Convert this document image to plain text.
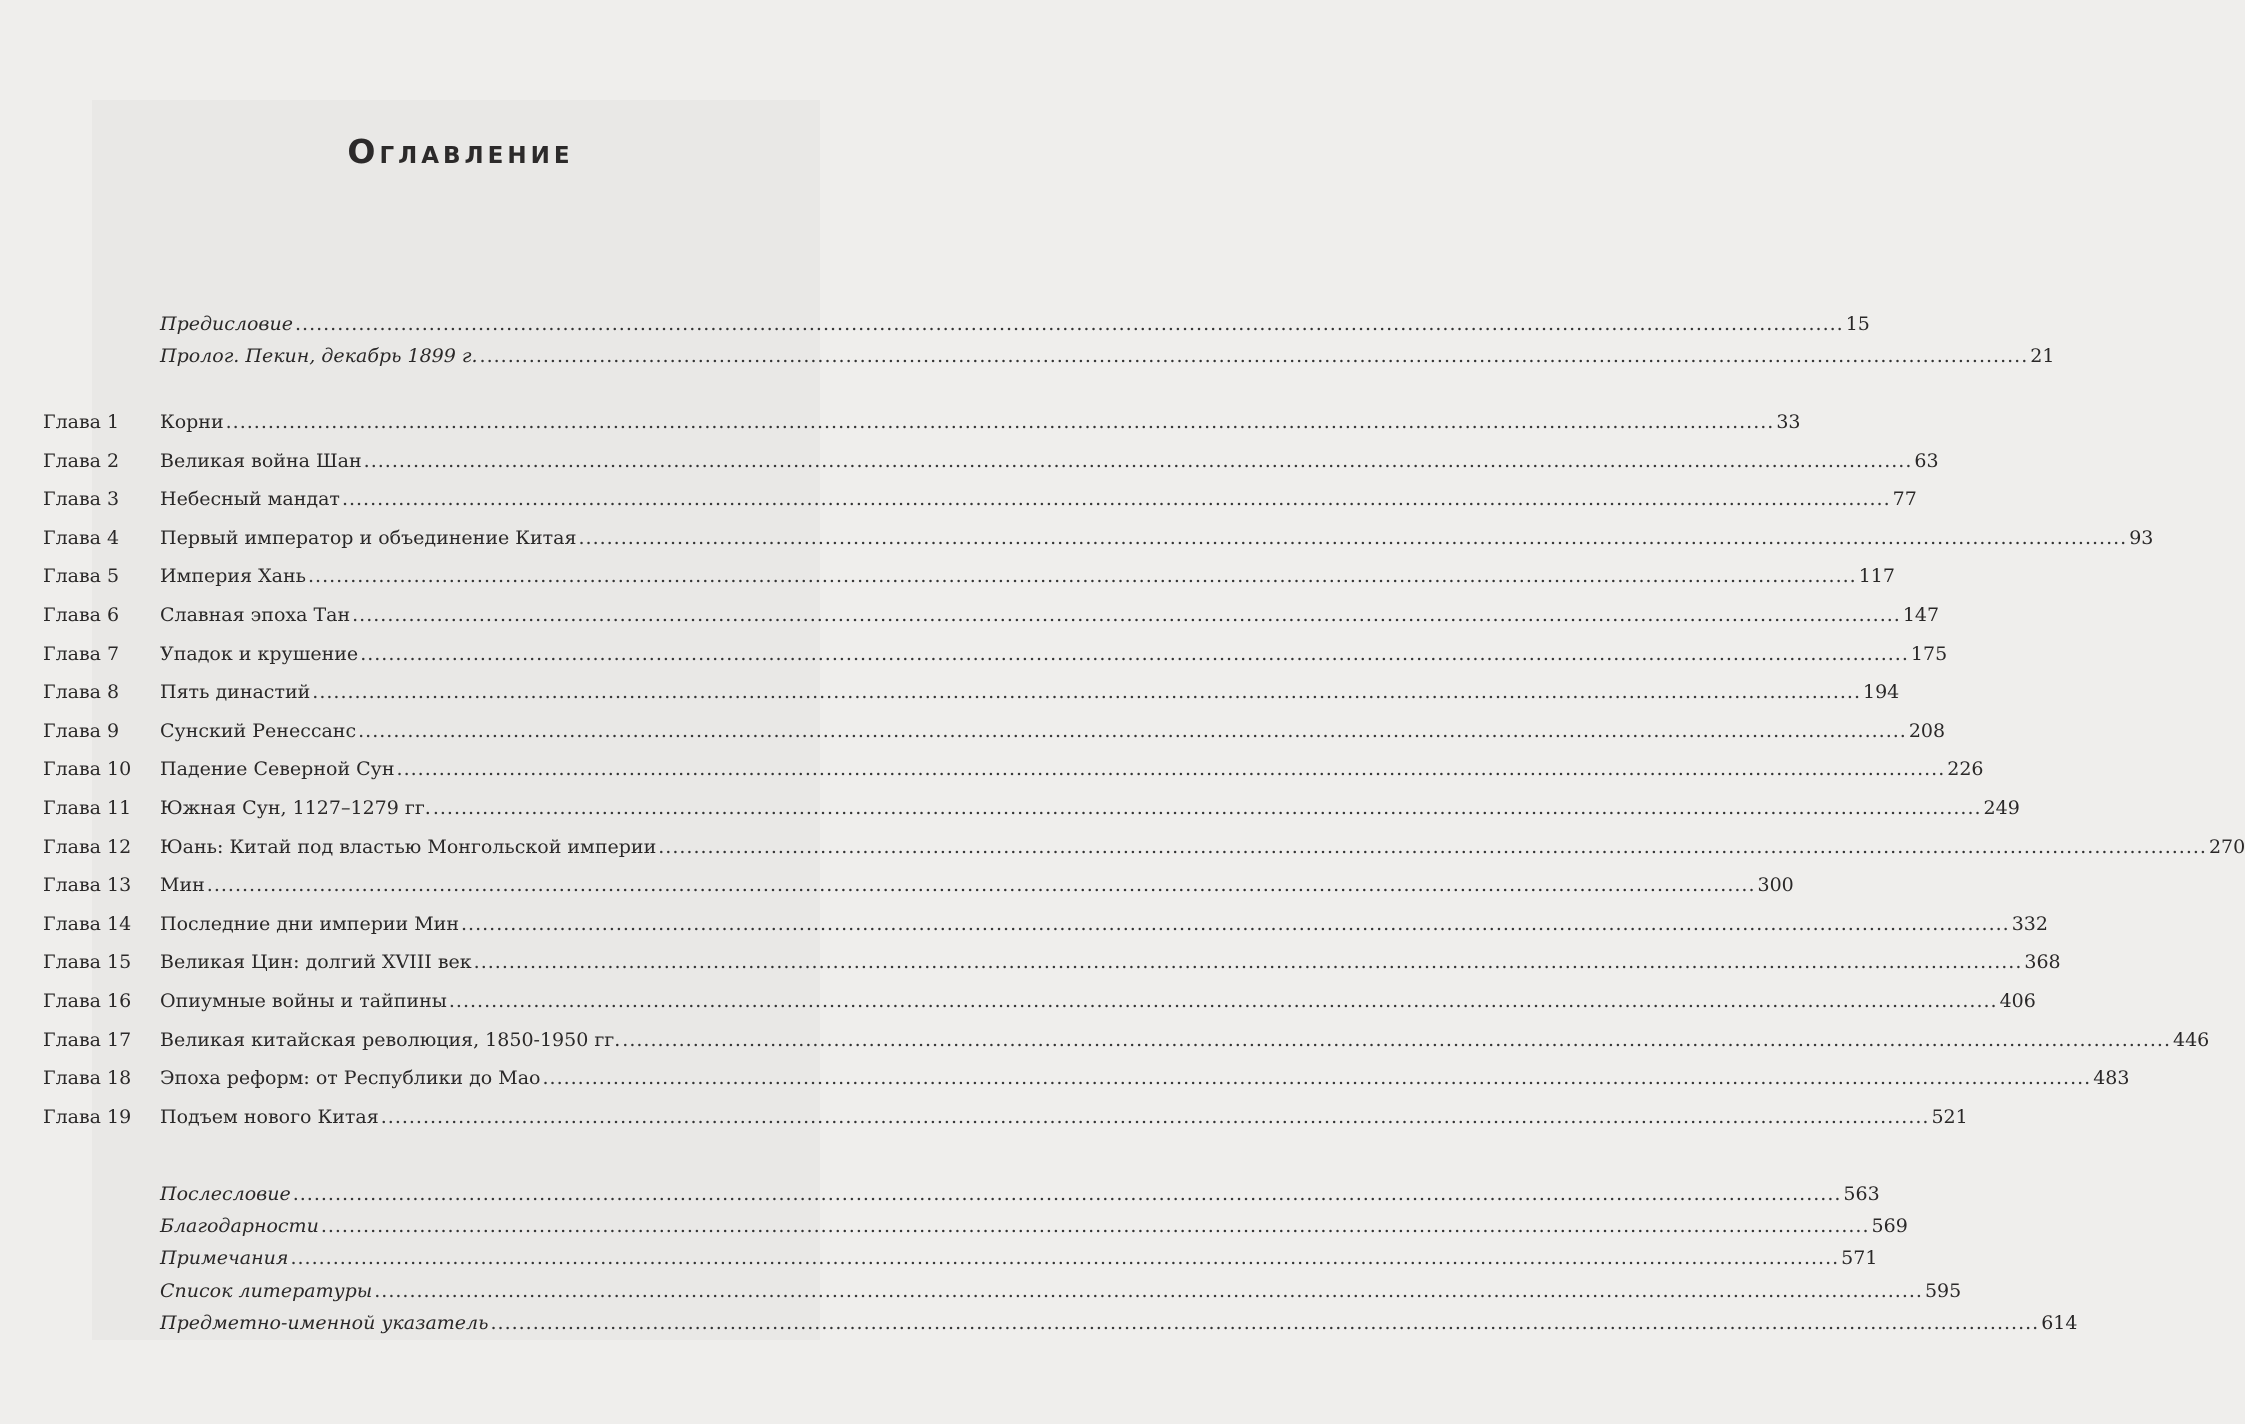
Оглавление
Предисловие ............................................................................................................................................................................................................................ 15
Пролог. Пекин, декабрь 1899 г. ............................................................................................................................................................................................................................ 21
Глава 1 Корни ............................................................................................................................................................................................................................ 33
Глава 2 Великая война Шан ............................................................................................................................................................................................................................ 63
Глава 3 Небесный мандат ............................................................................................................................................................................................................................ 77
Глава 4 Первый император и объединение Китая ............................................................................................................................................................................................................................ 93
Глава 5 Империя Хань ............................................................................................................................................................................................................................ 117
Глава 6 Славная эпоха Тан ............................................................................................................................................................................................................................ 147
Глава 7 Упадок и крушение ............................................................................................................................................................................................................................ 175
Глава 8 Пять династий ............................................................................................................................................................................................................................ 194
Глава 9 Сунский Ренессанс ............................................................................................................................................................................................................................ 208
Глава 10 Падение Северной Сун ............................................................................................................................................................................................................................ 226
Глава 11 Южная Сун, 1127–1279 гг. ............................................................................................................................................................................................................................ 249
Глава 12 Юань: Китай под властью Монгольской империи ............................................................................................................................................................................................................................ 270
Глава 13 Мин ............................................................................................................................................................................................................................ 300
Глава 14 Последние дни империи Мин ............................................................................................................................................................................................................................ 332
Глава 15 Великая Цин: долгий XVIII век ............................................................................................................................................................................................................................ 368
Глава 16 Опиумные войны и тайпины ............................................................................................................................................................................................................................ 406
Глава 17 Великая китайская революция, 1850-1950 гг. ............................................................................................................................................................................................................................ 446
Глава 18 Эпоха реформ: от Республики до Мао ............................................................................................................................................................................................................................ 483
Глава 19 Подъем нового Китая ............................................................................................................................................................................................................................ 521
Послесловие ............................................................................................................................................................................................................................ 563
Благодарности ............................................................................................................................................................................................................................ 569
Примечания ............................................................................................................................................................................................................................ 571
Список литературы ............................................................................................................................................................................................................................ 595
Предметно-именной указатель ............................................................................................................................................................................................................................ 614
